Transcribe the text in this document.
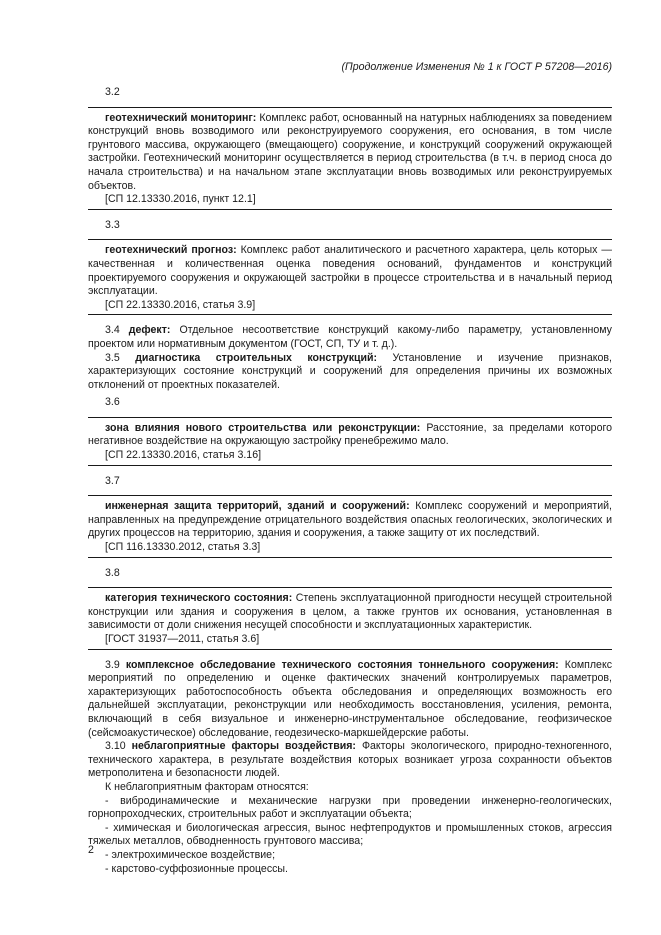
(Продолжение Изменения № 1 к ГОСТ Р 57208—2016)

3.2

геотехнический мониторинг: Комплекс работ, основанный на натурных наблюдениях за поведением конструкций вновь возводимого или реконструируемого сооружения, его основания, в том числе грунтового массива, окружающего (вмещающего) сооружение, и конструкций сооружений окружающей застройки. Геотехнический мониторинг осуществляется в период строительства (в т.ч. в период сноса до начала строительства) и на начальном этапе эксплуатации вновь возводимых или реконструируемых объектов.

[СП 12.13330.2016, пункт 12.1]

3.3

геотехнический прогноз: Комплекс работ аналитического и расчетного характера, цель которых — качественная и количественная оценка поведения оснований, фундаментов и конструкций проектируемого сооружения и окружающей застройки в процессе строительства и в начальный период эксплуатации.

[СП 22.13330.2016, статья 3.9]

3.4 дефект: Отдельное несоответствие конструкций какому-либо параметру, установленному проектом или нормативным документом (ГОСТ, СП, ТУ и т. д.).

3.5 диагностика строительных конструкций: Установление и изучение признаков, характеризующих состояние конструкций и сооружений для определения причины их возможных отклонений от проектных показателей.

3.6

зона влияния нового строительства или реконструкции: Расстояние, за пределами которого негативное воздействие на окружающую застройку пренебрежимо мало.

[СП 22.13330.2016, статья 3.16]

3.7

инженерная защита территорий, зданий и сооружений: Комплекс сооружений и мероприятий, направленных на предупреждение отрицательного воздействия опасных геологических, экологических и других процессов на территорию, здания и сооружения, а также защиту от их последствий.

[СП 116.13330.2012, статья 3.3]

3.8

категория технического состояния: Степень эксплуатационной пригодности несущей строительной конструкции или здания и сооружения в целом, а также грунтов их основания, установленная в зависимости от доли снижения несущей способности и эксплуатационных характеристик.

[ГОСТ 31937—2011, статья 3.6]

3.9 комплексное обследование технического состояния тоннельного сооружения: Комплекс мероприятий по определению и оценке фактических значений контролируемых параметров, характеризующих работоспособность объекта обследования и определяющих возможность его дальнейшей эксплуатации, реконструкции или необходимость восстановления, усиления, ремонта, включающий в себя визуальное и инженерно-инструментальное обследование, геофизическое (сейсмоакустическое) обследование, геодезическо-маркшейдерские работы.

3.10 неблагоприятные факторы воздействия: Факторы экологического, природно-техногенного, технического характера, в результате воздействия которых возникает угроза сохранности объектов метрополитена и безопасности людей.

К неблагоприятным факторам относятся:

- вибродинамические и механические нагрузки при проведении инженерно-геологических, горнопроходческих, строительных работ и эксплуатации объекта;

- химическая и биологическая агрессия, вынос нефтепродуктов и промышленных стоков, агрессия тяжелых металлов, обводненность грунтового массива;

- электрохимическое воздействие;

- карстово-суффозионные процессы.

2
